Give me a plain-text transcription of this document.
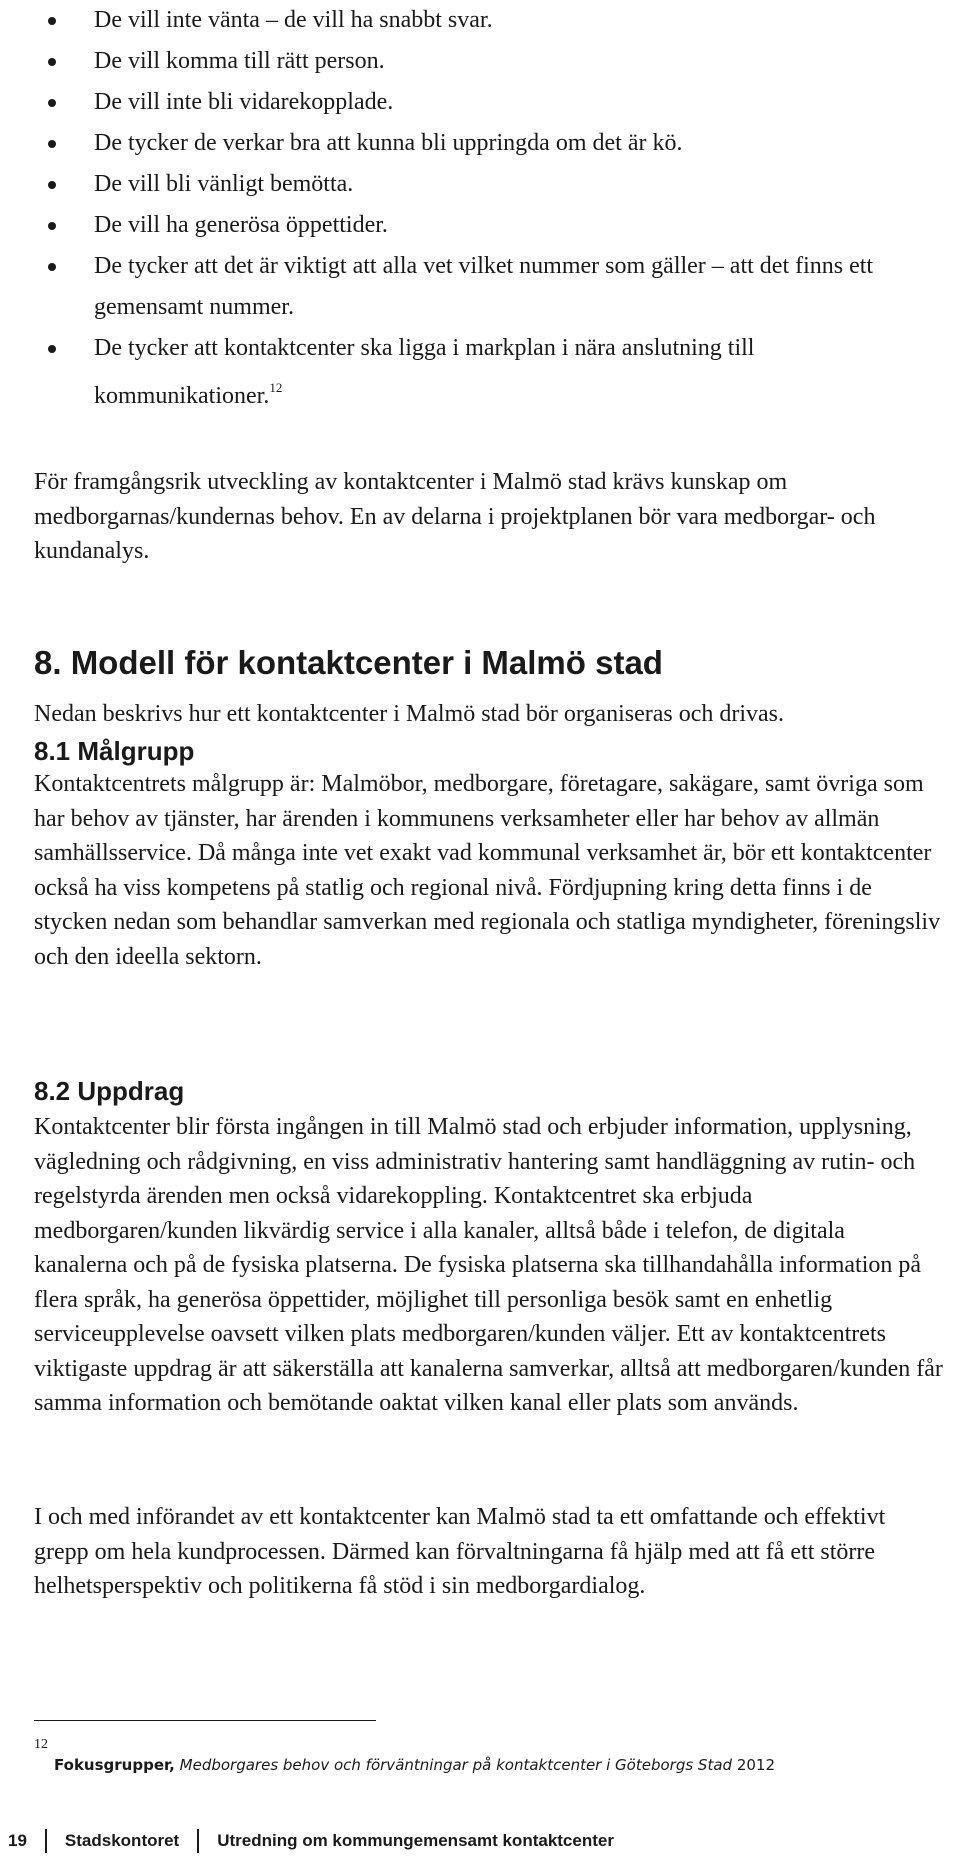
De vill inte vänta – de vill ha snabbt svar.
De vill komma till rätt person.
De vill inte bli vidarekopplade.
De tycker de verkar bra att kunna bli uppringda om det är kö.
De vill bli vänligt bemötta.
De vill ha generösa öppettider.
De tycker att det är viktigt att alla vet vilket nummer som gäller – att det finns ett gemensamt nummer.
De tycker att kontaktcenter ska ligga i markplan i nära anslutning till kommunikationer.$^{12}$

För framgångsrik utveckling av kontaktcenter i Malmö stad krävs kunskap om medborgarnas/kundernas behov. En av delarna i projektplanen bör vara medborgar- och kundanalys.

8. Modell för kontaktcenter i Malmö stad

Nedan beskrivs hur ett kontaktcenter i Malmö stad bör organiseras och drivas.

8.1 Målgrupp

Kontaktcentrets målgrupp är: Malmöbor, medborgare, företagare, sakägare, samt övriga som har behov av tjänster, har ärenden i kommunens verksamheter eller har behov av allmän samhällsservice. Då många inte vet exakt vad kommunal verksamhet är, bör ett kontaktcenter också ha viss kompetens på statlig och regional nivå. Fördjupning kring detta finns i de stycken nedan som behandlar samverkan med regionala och statliga myndigheter, föreningsliv och den ideella sektorn.

8.2 Uppdrag

Kontaktcenter blir första ingången in till Malmö stad och erbjuder information, upplysning, vägledning och rådgivning, en viss administrativ hantering samt handläggning av rutin- och regelstyrda ärenden men också vidarekoppling. Kontaktcentret ska erbjuda medborgaren/kunden likvärdig service i alla kanaler, alltså både i telefon, de digitala kanalerna och på de fysiska platserna. De fysiska platserna ska tillhandahålla information på flera språk, ha generösa öppettider, möjlighet till personliga besök samt en enhetlig serviceupplevelse oavsett vilken plats medborgaren/kunden väljer. Ett av kontaktcentrets viktigaste uppdrag är att säkerställa att kanalerna samverkar, alltså att medborgaren/kunden får samma information och bemötande oaktat vilken kanal eller plats som används.

I och med införandet av ett kontaktcenter kan Malmö stad ta ett omfattande och effektivt grepp om hela kundprocessen. Därmed kan förvaltningarna få hjälp med att få ett större helhetsperspektiv och politikerna få stöd i sin medborgardialog.

12
Fokusgrupper, Medborgares behov och förväntningar på kontaktcenter i Göteborgs Stad 2012
19 Stadskontoret Utredning om kommungemensamt kontaktcenter
